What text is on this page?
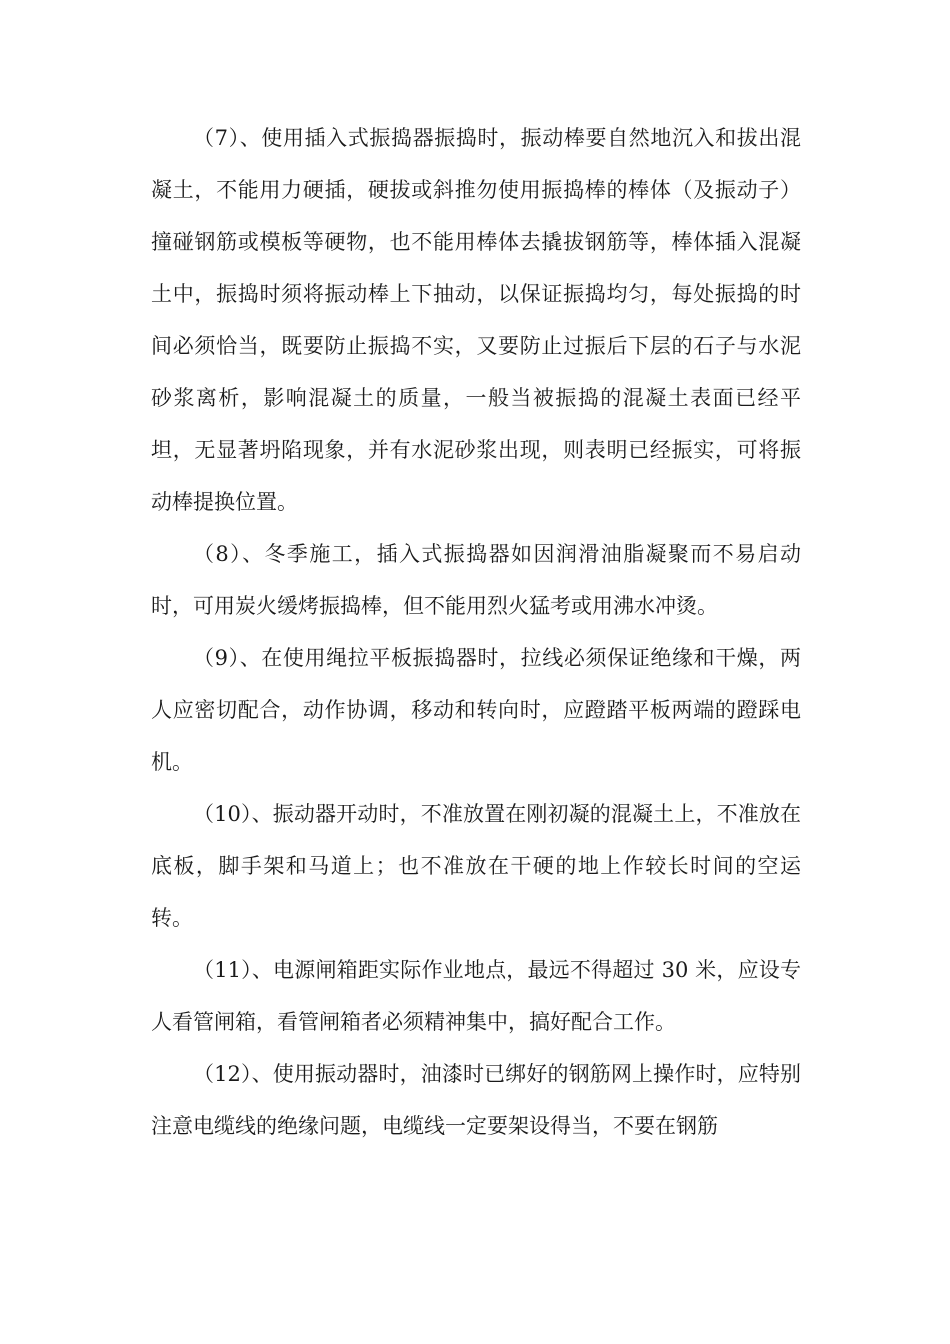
（7）、使用插入式振捣器振捣时，振动棒要自然地沉入和拔出混凝土，不能用力硬插，硬拔或斜推勿使用振捣棒的棒体（及振动子）撞碰钢筋或模板等硬物，也不能用棒体去撬拔钢筋等，棒体插入混凝土中，振捣时须将振动棒上下抽动，以保证振捣均匀，每处振捣的时间必须恰当，既要防止振捣不实，又要防止过振后下层的石子与水泥砂浆离析，影响混凝土的质量，一般当被振捣的混凝土表面已经平坦，无显著坍陷现象，并有水泥砂浆出现，则表明已经振实，可将振动棒提换位置。

（8）、冬季施工，插入式振捣器如因润滑油脂凝聚而不易启动时，可用炭火缓烤振捣棒，但不能用烈火猛考或用沸水冲烫。

（9）、在使用绳拉平板振捣器时，拉线必须保证绝缘和干燥，两人应密切配合，动作协调，移动和转向时，应蹬踏平板两端的蹬踩电机。

（10）、振动器开动时，不准放置在刚初凝的混凝土上，不准放在底板，脚手架和马道上；也不准放在干硬的地上作较长时间的空运转。

（11）、电源闸箱距实际作业地点，最远不得超过 30 米，应设专人看管闸箱，看管闸箱者必须精神集中，搞好配合工作。

（12）、使用振动器时，油漆时已绑好的钢筋网上操作时，应特别注意电缆线的绝缘问题，电缆线一定要架设得当，不要在钢筋
